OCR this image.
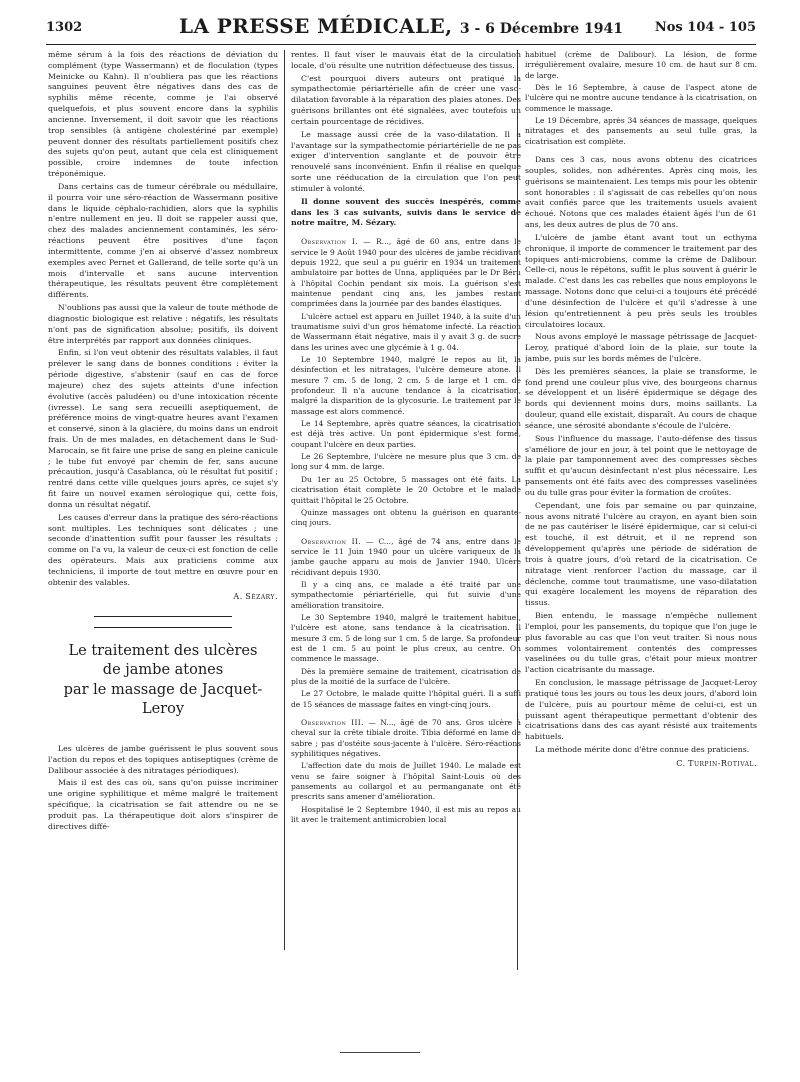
1302	LA PRESSE MÉDICALE, 3 - 6 Décembre 1941	Nos 104 - 105

même sérum à la fois des réactions de déviation du complément (type Wassermann) et de floculation (types Meinicke ou Kahn). Il n'oubliera pas que les réactions sanguines peuvent être négatives dans des cas de syphilis même récente, comme je l'ai observé quelquefois, et plus souvent encore dans la syphilis ancienne. Inversement, il doit savoir que les réactions trop sensibles (à antigène cholestériné par exemple) peuvent donner des résultats partiellement positifs chez des sujets qu'on peut, autant que cela est cliniquement possible, croire indemnes de toute infection tréponémique.

Dans certains cas de tumeur cérébrale ou médullaire, il pourra voir une séro-réaction de Wassermann positive dans le liquide céphalo-rachidien, alors que la syphilis n'entre nullement en jeu. Il doit se rappeler aussi que, chez des malades anciennement contaminés, les séro-réactions peuvent être positives d'une façon intermittente, comme j'en ai observé d'assez nombreux exemples avec Pernet et Gallerand, de telle sorte qu'à un mois d'intervalle et sans aucune intervention thérapeutique, les résultats peuvent être complètement différents.

N'oublions pas aussi que la valeur de toute méthode de diagnostic biologique est relative : négatifs, les résultats n'ont pas de signification absolue; positifs, ils doivent être interprétés par rapport aux données cliniques.

Enfin, si l'on veut obtenir des résultats valables, il faut prélever le sang dans de bonnes conditions : éviter la période digestive, s'abstenir (sauf en cas de force majeure) chez des sujets atteints d'une infection évolutive (accès paludéen) ou d'une intoxication récente (ivresse). Le sang sera recueilli aseptiquement, de préférence moins de vingt-quatre heures avant l'examen et conservé, sinon à la glacière, du moins dans un endroit frais. Un de mes malades, en détachement dans le Sud-Marocain, se fit faire une prise de sang en pleine canicule ; le tube fut envoyé par chemin de fer, sans aucune précaution, jusqu'à Casablanca, où le résultat fut positif ; rentré dans cette ville quelques jours après, ce sujet s'y fit faire un nouvel examen sérologique qui, cette fois, donna un résultat négatif.

Les causes d'erreur dans la pratique des séro-réactions sont multiples. Les techniques sont délicates ; une seconde d'inattention suffit pour fausser les résultats ; comme on l'a vu, la valeur de ceux-ci est fonction de celle des opérateurs. Mais aux praticiens comme aux techniciens, il importe de tout mettre en œuvre pour en obtenir des valables.

A. Sézary.

Le traitement des ulcères
de jambe atones
par le massage de Jacquet-Leroy

Les ulcères de jambe guérissent le plus souvent sous l'action du repos et des topiques antiseptiques (crème de Dalibour associée à des nitratages périodiques).

Mais il est des cas où, sans qu'on puisse incriminer une origine syphilitique et même malgré le traitement spécifique, la cicatrisation se fait attendre ou ne se produit pas. La thérapeutique doit alors s'inspirer de directives diffé-

rentes. Il faut viser le mauvais état de la circulation locale, d'où résulte une nutrition défectueuse des tissus.

C'est pourquoi divers auteurs ont pratiqué la sympathectomie périartérielle afin de créer une vaso-dilatation favorable à la réparation des plaies atones. Des guérisons brillantes ont été signalées, avec toutefois un certain pourcentage de récidives.

Le massage aussi crée de la vaso-dilatation. Il a l'avantage sur la sympathectomie périartérielle de ne pas exiger d'intervention sanglante et de pouvoir être renouvelé sans inconvénient. Enfin il réalise en quelque sorte une rééducation de la circulation que l'on peut stimuler à volonté.

Il donne souvent des succès inespérés, comme dans les 3 cas suivants, suivis dans le service de notre maître, M. Sézary.

Observation I. — R..., âgé de 60 ans, entre dans le service le 9 Août 1940 pour des ulcères de jambe récidivant depuis 1922, que seul a pu guérir en 1934 un traitement ambulatoire par bottes de Unna, appliquées par le Dr Béru à l'hôpital Cochin pendant six mois. La guérison s'est maintenue pendant cinq ans, les jambes restant comprimées dans la journée par des bandes élastiques.

L'ulcère actuel est apparu en Juillet 1940, à la suite d'un traumatisme suivi d'un gros hématome infecté. La réaction de Wassermann était négative, mais il y avait 3 g. de sucre dans les urines avec une glycémie à 1 g. 04.

Le 10 Septembre 1940, malgré le repos au lit, la désinfection et les nitratages, l'ulcère demeure atone. Il mesure 7 cm. 5 de long, 2 cm. 5 de large et 1 cm. de profondeur. Il n'a aucune tendance à la cicatrisation, malgré la disparition de la glycosurie. Le traitement par le massage est alors commencé.

Le 14 Septembre, après quatre séances, la cicatrisation est déjà très active. Un pont épidermique s'est formé, coupant l'ulcère en deux parties.

Le 26 Septembre, l'ulcère ne mesure plus que 3 cm. de long sur 4 mm. de large.

Du 1er au 25 Octobre, 5 massages ont été faits. La cicatrisation était complète le 20 Octobre et le malade quittait l'hôpital le 25 Octobre.

Quinze massages ont obtenu la guérison en quarante-cinq jours.

Observation II. — C..., âgé de 74 ans, entre dans le service le 11 Juin 1940 pour un ulcère variqueux de la jambe gauche apparu au mois de Janvier 1940. Ulcère récidivant depuis 1930.

Il y a cinq ans, ce malade a été traité par une sympathectomie périartérielle, qui fut suivie d'une amélioration transitoire.

Le 30 Septembre 1940, malgré le traitement habituel, l'ulcère est atone, sans tendance à la cicatrisation. Il mesure 3 cm. 5 de long sur 1 cm. 5 de large. Sa profondeur est de 1 cm. 5 au point le plus creux, au centre. On commence le massage.

Dès la première semaine de traitement, cicatrisation de plus de la moitié de la surface de l'ulcère.

Le 27 Octobre, le malade quitte l'hôpital guéri. Il a suffi de 15 séances de massage faites en vingt-cinq jours.

Observation III. — N..., âgé de 70 ans. Gros ulcère à cheval sur la crête tibiale droite. Tibia déformé en lame de sabre ; pas d'ostéite sous-jacente à l'ulcère. Séro-réactions syphilitiques négatives.

L'affection date du mois de Juillet 1940. Le malade est venu se faire soigner à l'hôpital Saint-Louis où des pansements au collargol et au permanganate ont été prescrits sans amener d'amélioration.

Hospitalisé le 2 Septembre 1940, il est mis au repos au lit avec le traitement antimicrobien local

habituel (crème de Dalibour). La lésion, de forme irrégulièrement ovalaire, mesure 10 cm. de haut sur 8 cm. de large.

Dès le 16 Septembre, à cause de l'aspect atone de l'ulcère qui ne montre aucune tendance à la cicatrisation, on commence le massage.

Le 19 Décembre, après 34 séances de massage, quelques nitratages et des pansements au seul tulle gras, la cicatrisation est complète.

Dans ces 3 cas, nous avons obtenu des cicatrices souples, solides, non adhérentes. Après cinq mois, les guérisons se maintenaient. Les temps mis pour les obtenir sont honorables : il s'agissait de cas rebelles qu'on nous avait confiés parce que les traitements usuels avaient échoué. Notons que ces malades étaient âgés l'un de 61 ans, les deux autres de plus de 70 ans.

L'ulcère de jambe étant avant tout un ecthyma chronique, il importe de commencer le traitement par des topiques anti-microbiens, comme la crème de Dalibour. Celle-ci, nous le répétons, suffit le plus souvent à guérir le malade. C'est dans les cas rebelles que nous employons le massage. Notons donc que celui-ci a toujours été précédé d'une désinfection de l'ulcère et qu'il s'adresse à une lésion qu'entretiennent à peu près seuls les troubles circulatoires locaux.

Nous avons employé le massage pétrissage de Jacquet-Leroy, pratiqué d'abord loin de la plaie, sur toute la jambe, puis sur les bords mêmes de l'ulcère.

Dès les premières séances, la plaie se transforme, le fond prend une couleur plus vive, des bourgeons charnus se développent et un liséré épidermique se dégage des bords qui deviennent moins durs, moins saillants. La douleur, quand elle existait, disparaît. Au cours de chaque séance, une sérosité abondante s'écoule de l'ulcère.

Sous l'influence du massage, l'auto-défense des tissus s'améliore de jour en jour, à tel point que le nettoyage de la plaie par tamponnement avec des compresses sèches suffit et qu'aucun désinfectant n'est plus nécessaire. Les pansements ont été faits avec des compresses vaselinées ou du tulle gras pour éviter la formation de croûtes.

Cependant, une fois par semaine ou par quinzaine, nous avons nitraté l'ulcère au crayon, en ayant bien soin de ne pas cautériser le liséré épidermique, car si celui-ci est touché, il est détruit, et il ne reprend son développement qu'après une période de sidération de trois à quatre jours, d'où retard de la cicatrisation. Ce nitratage vient renforcer l'action du massage, car il déclenche, comme tout traumatisme, une vaso-dilatation qui exagère localement les moyens de réparation des tissus.

Bien entendu, le massage n'empêche nullement l'emploi, pour les pansements, du topique que l'on juge le plus favorable au cas que l'on veut traiter. Si nous nous sommes volontairement contentés des compresses vaselinées ou du tulle gras, c'était pour mieux montrer l'action cicatrisante du massage.

En conclusion, le massage pétrissage de Jacquet-Leroy pratiqué tous les jours ou tous les deux jours, d'abord loin de l'ulcère, puis au pourtour même de celui-ci, est un puissant agent thérapeutique permettant d'obtenir des cicatrisations dans des cas ayant résisté aux traitements habituels.

La méthode mérite donc d'être connue des praticiens.

C. Turpin-Rotival.
